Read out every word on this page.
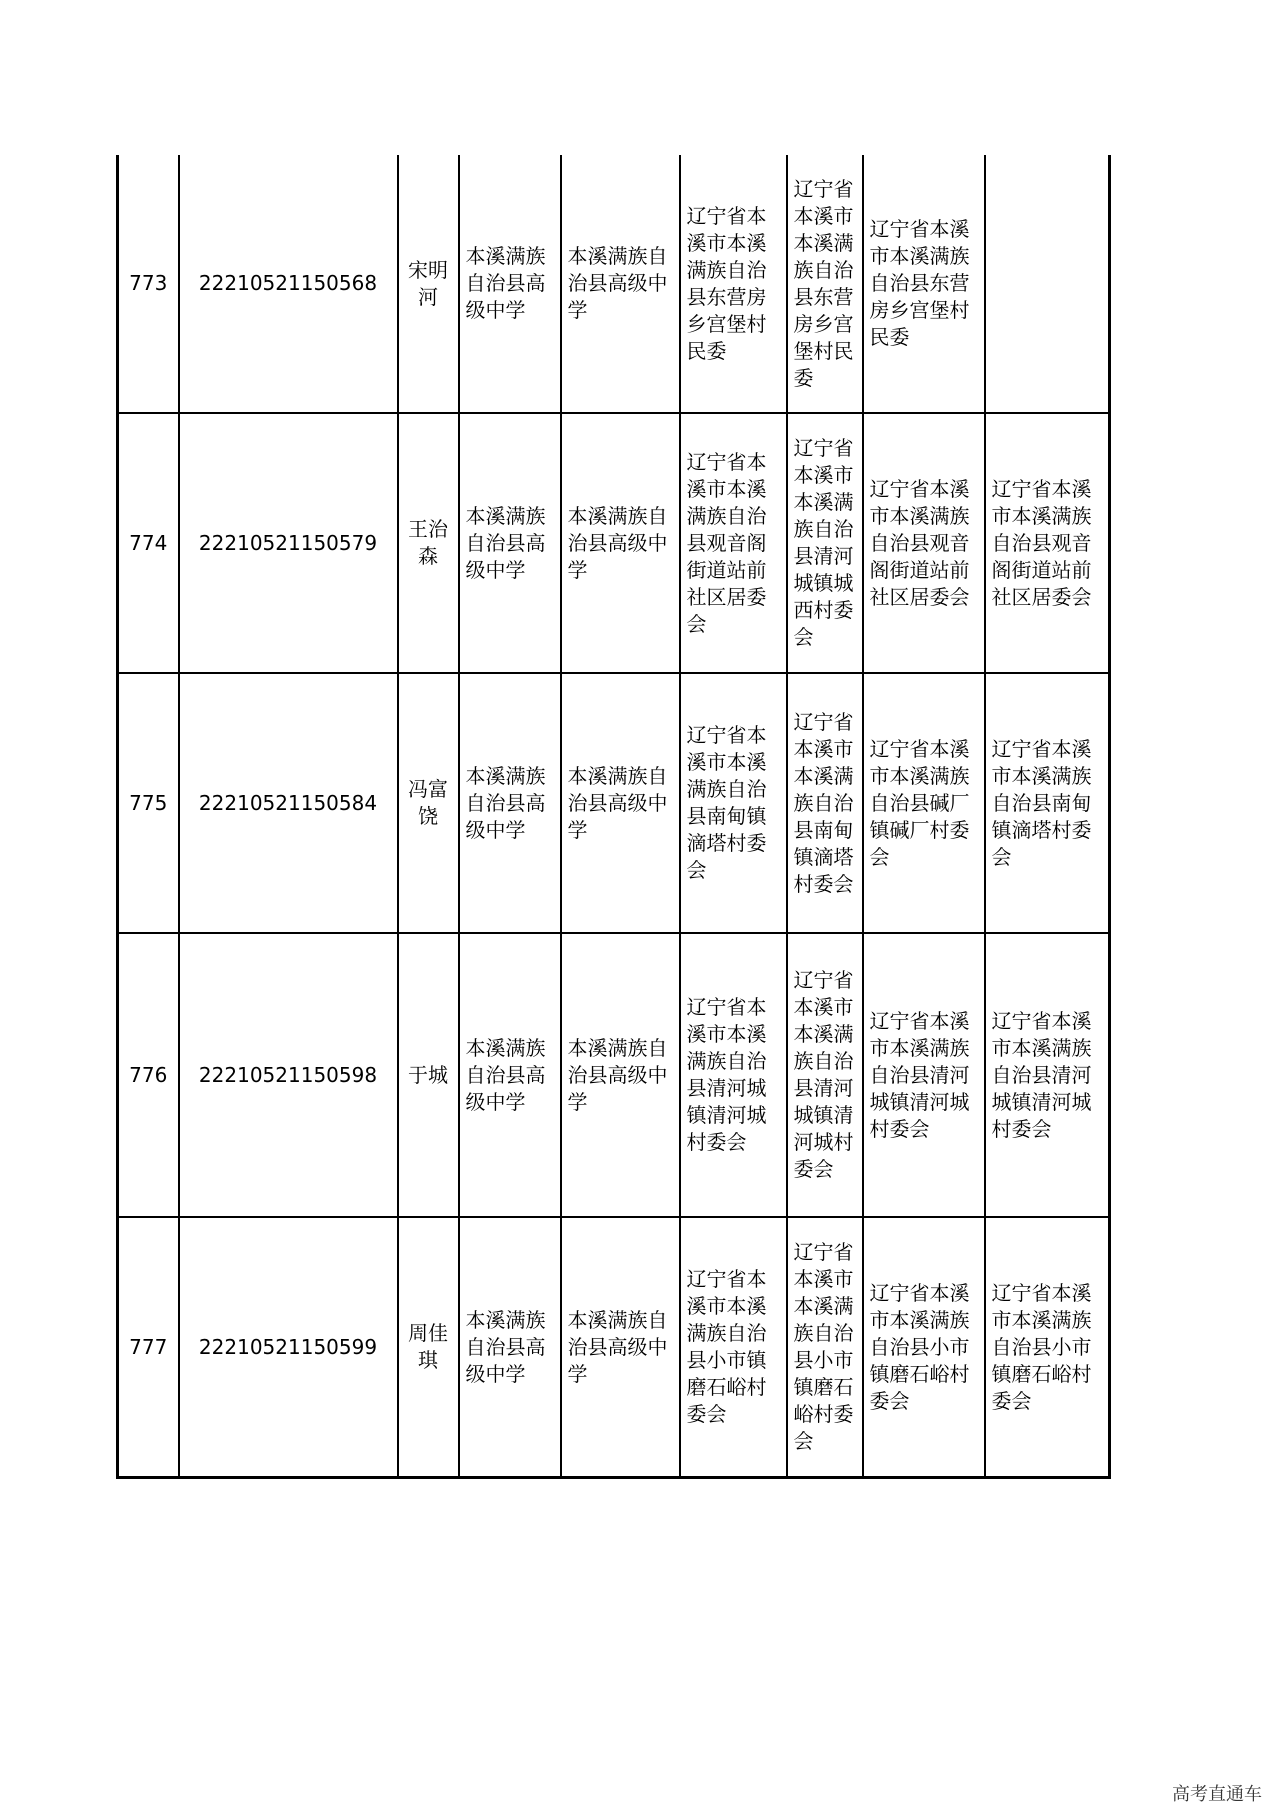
773	22210521150568	宋明河	本溪满族自治县高级中学	本溪满族自治县高级中学	辽宁省本溪市本溪满族自治县东营房乡宫堡村民委	辽宁省本溪市本溪满族自治县东营房乡宫堡村民委	辽宁省本溪市本溪满族自治县东营房乡宫堡村民委	
774	22210521150579	王治森	本溪满族自治县高级中学	本溪满族自治县高级中学	辽宁省本溪市本溪满族自治县观音阁街道站前社区居委会	辽宁省本溪市本溪满族自治县清河城镇城西村委会	辽宁省本溪市本溪满族自治县观音阁街道站前社区居委会	辽宁省本溪市本溪满族自治县观音阁街道站前社区居委会
775	22210521150584	冯富饶	本溪满族自治县高级中学	本溪满族自治县高级中学	辽宁省本溪市本溪满族自治县南甸镇滴塔村委会	辽宁省本溪市本溪满族自治县南甸镇滴塔村委会	辽宁省本溪市本溪满族自治县碱厂镇碱厂村委会	辽宁省本溪市本溪满族自治县南甸镇滴塔村委会
776	22210521150598	于城	本溪满族自治县高级中学	本溪满族自治县高级中学	辽宁省本溪市本溪满族自治县清河城镇清河城村委会	辽宁省本溪市本溪满族自治县清河城镇清河城村委会	辽宁省本溪市本溪满族自治县清河城镇清河城村委会	辽宁省本溪市本溪满族自治县清河城镇清河城村委会
777	22210521150599	周佳琪	本溪满族自治县高级中学	本溪满族自治县高级中学	辽宁省本溪市本溪满族自治县小市镇磨石峪村委会	辽宁省本溪市本溪满族自治县小市镇磨石峪村委会	辽宁省本溪市本溪满族自治县小市镇磨石峪村委会	辽宁省本溪市本溪满族自治县小市镇磨石峪村委会
高考直通车
